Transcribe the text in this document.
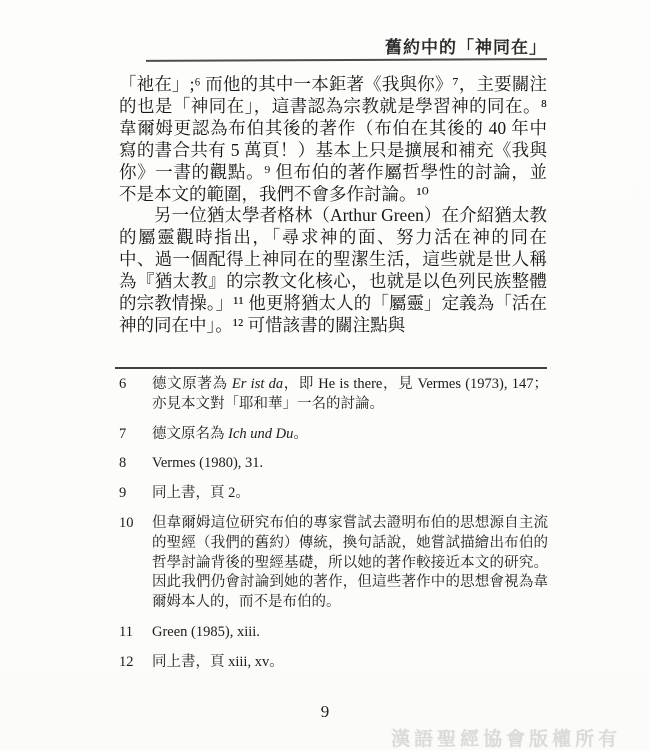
舊約中的「神同在」

「祂在」;⁶ 而他的其中一本鉅著《我與你》⁷，主要關注的也是「神同在」，這書認為宗教就是學習神的同在。⁸ 韋爾姆更認為布伯其後的著作（布伯在其後的 40 年中寫的書合共有 5 萬頁！）基本上只是擴展和補充《我與你》一書的觀點。⁹ 但布伯的著作屬哲學性的討論，並不是本文的範圍，我們不會多作討論。¹⁰

另一位猶太學者格林（Arthur Green）在介紹猶太教的屬靈觀時指出，「尋求神的面、努力活在神的同在中、過一個配得上神同在的聖潔生活，這些就是世人稱為『猶太教』的宗教文化核心，也就是以色列民族整體的宗教情操。」¹¹ 他更將猶太人的「屬靈」定義為「活在神的同在中」。¹² 可惜該書的關注點與

6	德文原著為 Er ist da，即 He is there，見 Vermes (1973), 147；亦見本文對「耶和華」一名的討論。
7	德文原名為 Ich und Du。
8	Vermes (1980), 31.
9	同上書，頁 2。
10	但韋爾姆這位研究布伯的專家嘗試去證明布伯的思想源自主流的聖經（我們的舊約）傳統，換句話說，她嘗試描繪出布伯的哲學討論背後的聖經基礎，所以她的著作較接近本文的研究。因此我們仍會討論到她的著作，但這些著作中的思想會視為韋爾姆本人的，而不是布伯的。
11	Green (1985), xiii.
12	同上書，頁 xiii, xv。
9
漢語聖經協會版權所有
